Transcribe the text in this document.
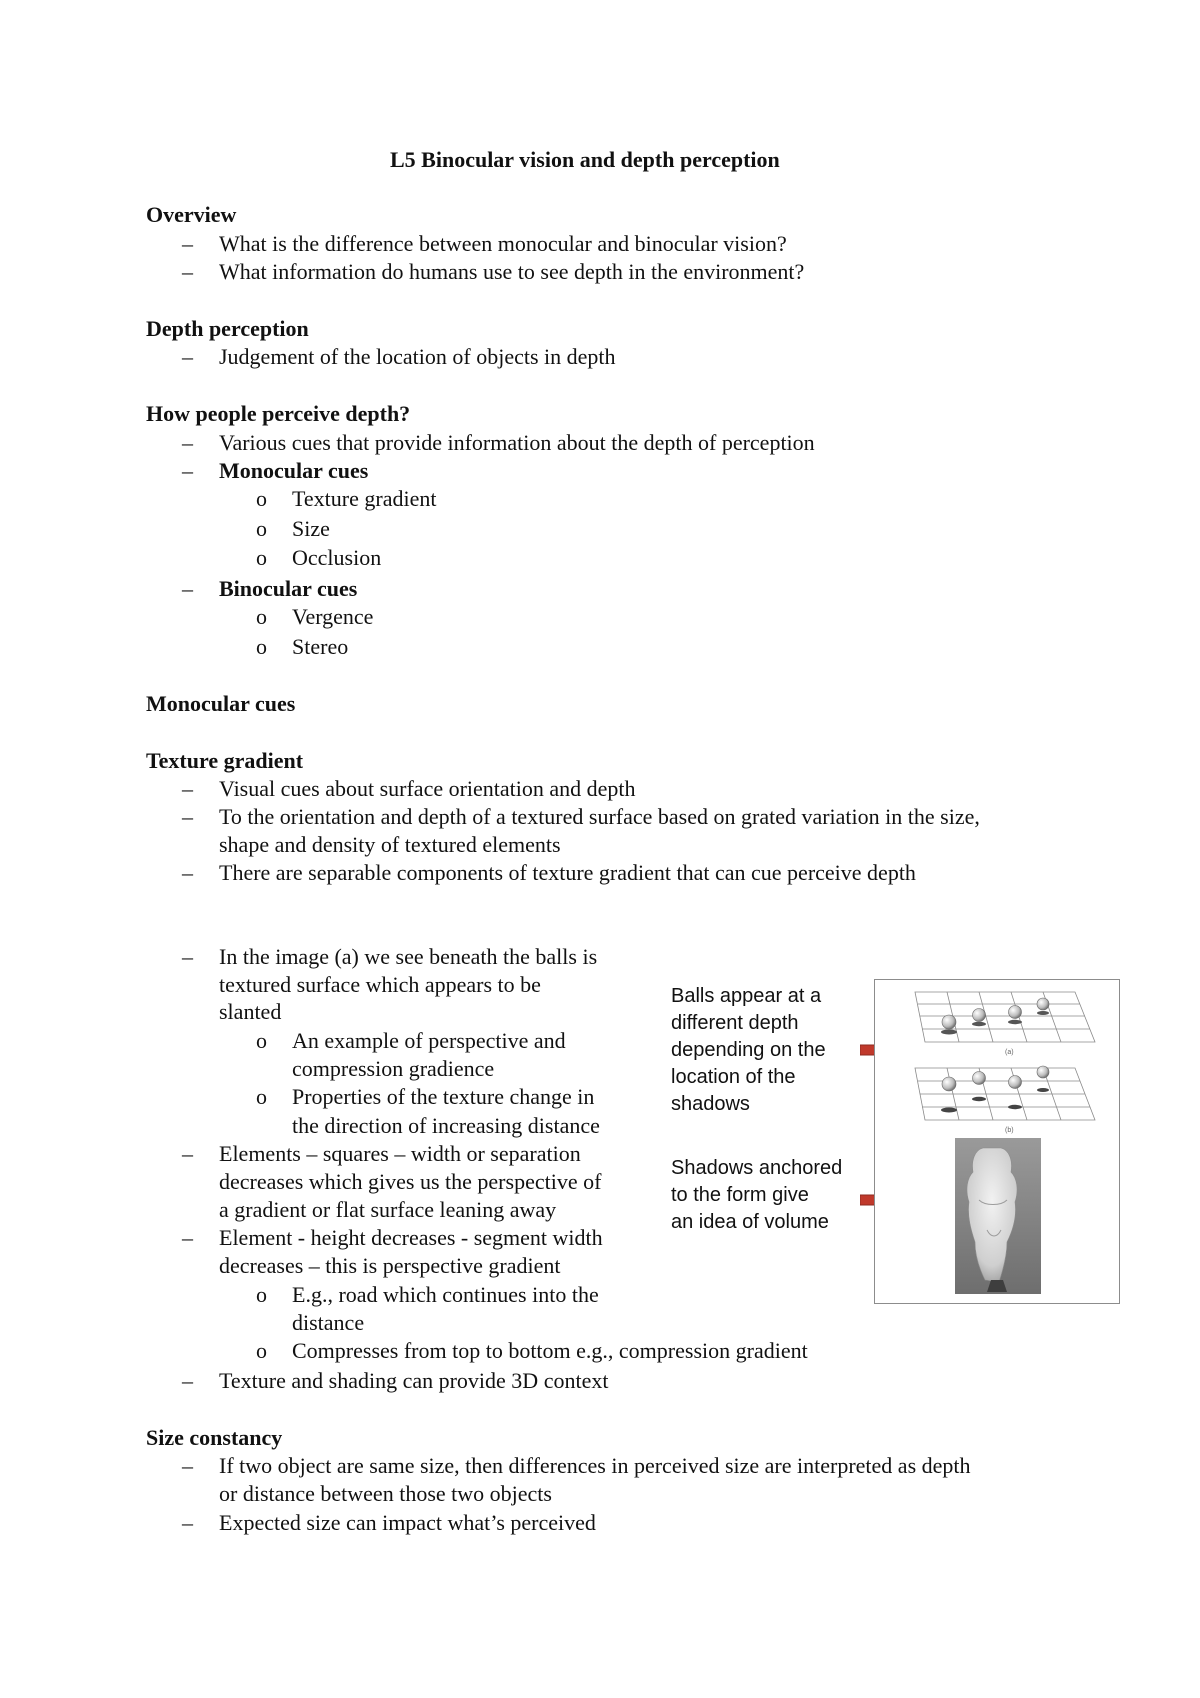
L5 Binocular vision and depth perception
Overview
– What is the difference between monocular and binocular vision?
– What information do humans use to see depth in the environment?
Depth perception
– Judgement of the location of objects in depth
How people perceive depth?
– Various cues that provide information about the depth of perception
– Monocular cues
o Texture gradient
o Size
o Occlusion
– Binocular cues
o Vergence
o Stereo
Monocular cues
Texture gradient
– Visual cues about surface orientation and depth
– To the orientation and depth of a textured surface based on grated variation in the size,
shape and density of textured elements
– There are separable components of texture gradient that can cue perceive depth
– In the image (a) we see beneath the balls is
textured surface which appears to be
slanted
o An example of perspective and
compression gradience
o Properties of the texture change in
the direction of increasing distance
– Elements – squares – width or separation
decreases which gives us the perspective of
a gradient or flat surface leaning away
– Element - height decreases - segment width
decreases – this is perspective gradient
o E.g., road which continues into the
distance
o Compresses from top to bottom e.g., compression gradient
– Texture and shading can provide 3D context
Balls appear at a
different depth
depending on the
location of the
shadows
Shadows anchored
to the form give
an idea of volume
(a)
(b)
Size constancy
– If two object are same size, then differences in perceived size are interpreted as depth
or distance between those two objects
– Expected size can impact what’s perceived
